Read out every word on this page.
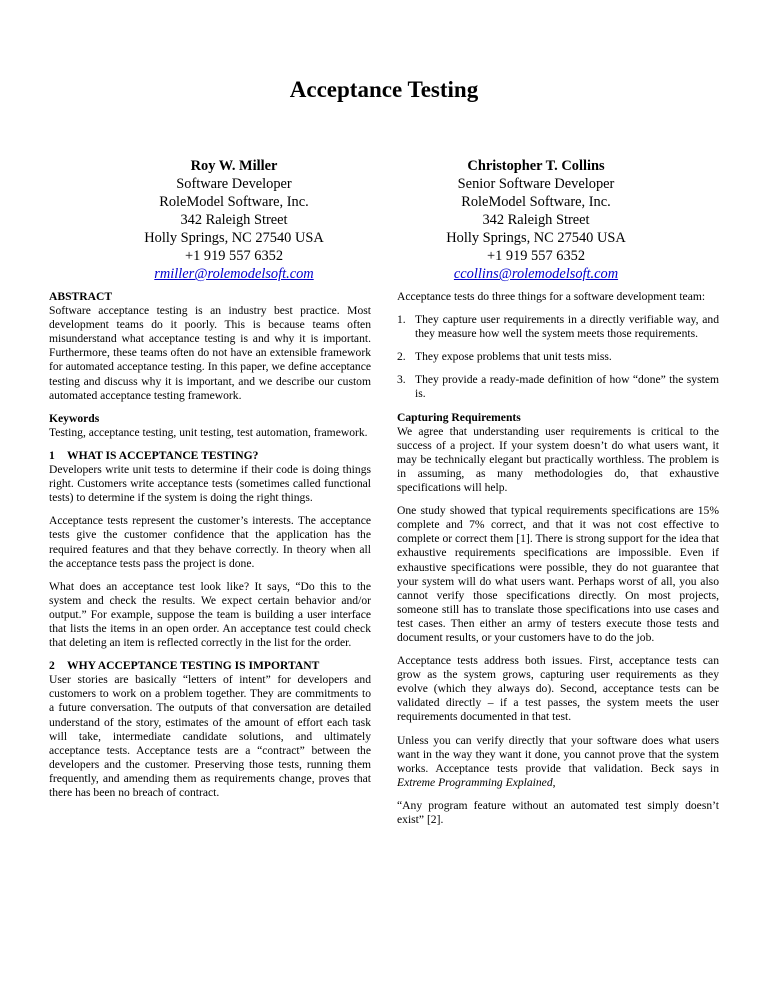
Acceptance Testing
Roy W. Miller
Software Developer
RoleModel Software, Inc.
342 Raleigh Street
Holly Springs, NC 27540 USA
+1 919 557 6352
rmiller@rolemodelsoft.com
Christopher T. Collins
Senior Software Developer
RoleModel Software, Inc.
342 Raleigh Street
Holly Springs, NC 27540 USA
+1 919 557 6352
ccollins@rolemodelsoft.com
ABSTRACT

Software acceptance testing is an industry best practice. Most development teams do it poorly. This is because teams often misunderstand what acceptance testing is and why it is important. Furthermore, these teams often do not have an extensible framework for automated acceptance testing. In this paper, we define acceptance testing and discuss why it is important, and we describe our custom automated acceptance testing framework.

Keywords

Testing, acceptance testing, unit testing, test automation, framework.

1 WHAT IS ACCEPTANCE TESTING?

Developers write unit tests to determine if their code is doing things right. Customers write acceptance tests (sometimes called functional tests) to determine if the system is doing the right things.

Acceptance tests represent the customer’s interests. The acceptance tests give the customer confidence that the application has the required features and that they behave correctly. In theory when all the acceptance tests pass the project is done.

What does an acceptance test look like? It says, “Do this to the system and check the results. We expect certain behavior and/or output.” For example, suppose the team is building a user interface that lists the items in an open order. An acceptance test could check that deleting an item is reflected correctly in the list for the order.

2 WHY ACCEPTANCE TESTING IS IMPORTANT

User stories are basically “letters of intent” for developers and customers to work on a problem together. They are commitments to a future conversation. The outputs of that conversation are detailed understand of the story, estimates of the amount of effort each task will take, intermediate candidate solutions, and ultimately acceptance tests. Acceptance tests are a “contract” between the developers and the customer. Preserving those tests, running them frequently, and amending them as requirements change, proves that there has been no breach of contract.

Acceptance tests do three things for a software development team:

1. They capture user requirements in a directly verifiable way, and they measure how well the system meets those requirements.
2. They expose problems that unit tests miss.
3. They provide a ready-made definition of how “done” the system is.
Capturing Requirements

We agree that understanding user requirements is critical to the success of a project. If your system doesn’t do what users want, it may be technically elegant but practically worthless. The problem is in assuming, as many methodologies do, that exhaustive specifications will help.

One study showed that typical requirements specifications are 15% complete and 7% correct, and that it was not cost effective to complete or correct them [1]. There is strong support for the idea that exhaustive requirements specifications are impossible. Even if exhaustive specifications were possible, they do not guarantee that your system will do what users want. Perhaps worst of all, you also cannot verify those specifications directly. On most projects, someone still has to translate those specifications into use cases and test cases. Then either an army of testers execute those tests and document results, or your customers have to do the job.

Acceptance tests address both issues. First, acceptance tests can grow as the system grows, capturing user requirements as they evolve (which they always do). Second, acceptance tests can be validated directly – if a test passes, the system meets the user requirements documented in that test.

Unless you can verify directly that your software does what users want in the way they want it done, you cannot prove that the system works. Acceptance tests provide that validation. Beck says in Extreme Programming Explained,

“Any program feature without an automated test simply doesn’t exist” [2].
